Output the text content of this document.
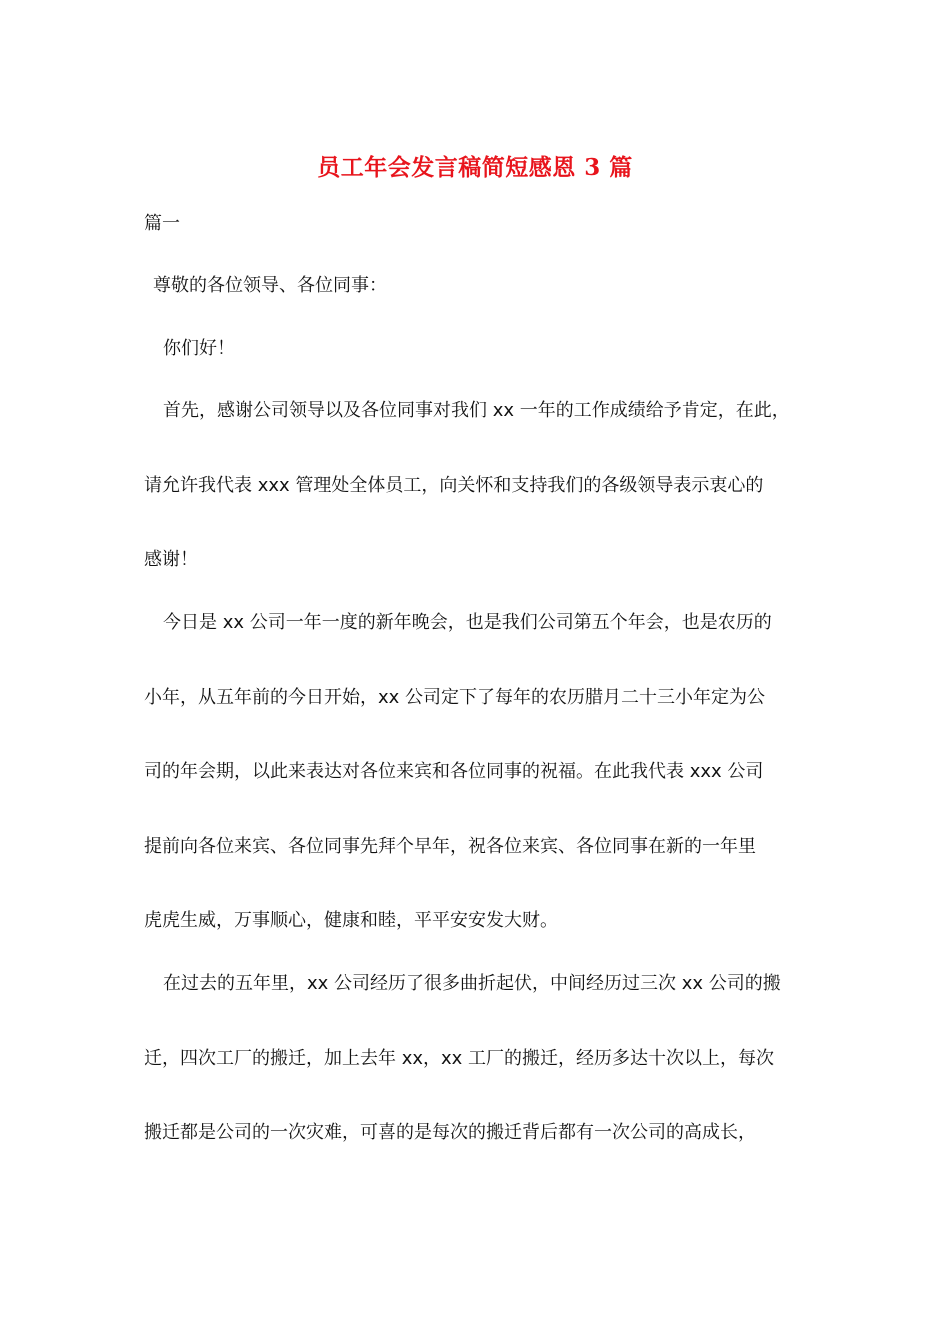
员工年会发言稿简短感恩 3 篇
篇一
尊敬的各位领导、各位同事：
你们好！
首先，感谢公司领导以及各位同事对我们 xx 一年的工作成绩给予肯定，在此，
请允许我代表 xxx 管理处全体员工，向关怀和支持我们的各级领导表示衷心的
感谢！
今日是 xx 公司一年一度的新年晚会，也是我们公司第五个年会，也是农历的
小年，从五年前的今日开始，xx 公司定下了每年的农历腊月二十三小年定为公
司的年会期，以此来表达对各位来宾和各位同事的祝福。在此我代表 xxx 公司
提前向各位来宾、各位同事先拜个早年，祝各位来宾、各位同事在新的一年里
虎虎生威，万事顺心，健康和睦，平平安安发大财。
在过去的五年里，xx 公司经历了很多曲折起伏，中间经历过三次 xx 公司的搬
迁，四次工厂的搬迁，加上去年 xx，xx 工厂的搬迁，经历多达十次以上，每次
搬迁都是公司的一次灾难，可喜的是每次的搬迁背后都有一次公司的高成长，
